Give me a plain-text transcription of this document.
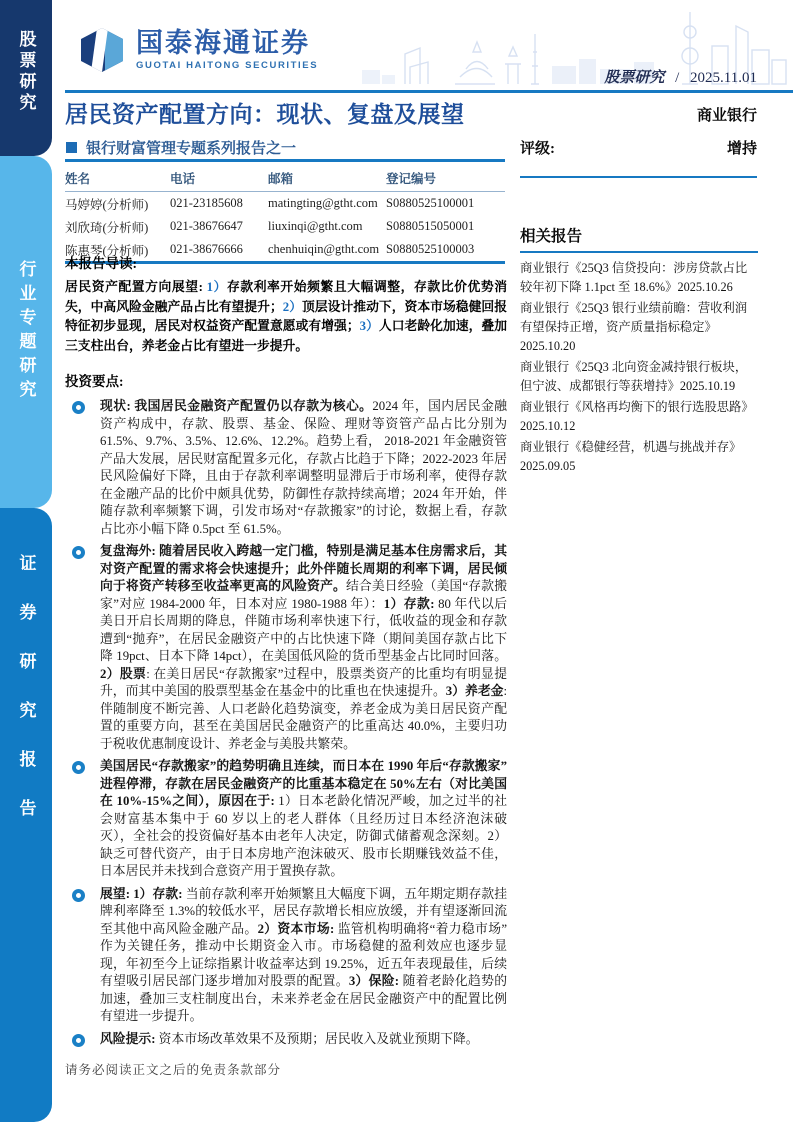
股票研究
行业专题研究
证券研究报告
国泰海通证券
GUOTAI HAITONG SECURITIES
股票研究 / 2025.11.01
居民资产配置方向：现状、复盘及展望	商业银行
银行财富管理专题系列报告之一	评级:	增持
姓名	电话	邮箱	登记编号
马婷婷(分析师)	021-23185608	matingting@gtht.com	S0880525100001
刘欣琦(分析师)	021-38676647	liuxinqi@gtht.com	S0880515050001
陈惠琴(分析师)	021-38676666	chenhuiqin@gtht.com	S0880525100003
相关报告
商业银行《25Q3 信贷投向：涉房贷款占比较年初下降 1.1pct 至 18.6%》2025.10.26
商业银行《25Q3 银行业绩前瞻：营收利润有望保持正增，资产质量指标稳定》2025.10.20
商业银行《25Q3 北向资金减持银行板块，但宁波、成都银行等获增持》2025.10.19
商业银行《风格再均衡下的银行选股思路》2025.10.12
商业银行《稳健经营，机遇与挑战并存》2025.09.05
本报告导读:

居民资产配置方向展望: 1）存款利率开始频繁且大幅调整，存款比价优势消失，中高风险金融产品占比有望提升；2）顶层设计推动下，资本市场稳健回报特征初步显现，居民对权益资产配置意愿或有增强；3）人口老龄化加速，叠加三支柱出台，养老金占比有望进一步提升。

投资要点:

现状: 我国居民金融资产配置仍以存款为核心。2024 年，国内居民金融资产构成中，存款、股票、基金、保险、理财等资管产品占比分别为 61.5%、9.7%、3.5%、12.6%、12.2%。趋势上看， 2018-2021 年金融资管产品大发展，居民财富配置多元化，存款占比趋于下降；2022-2023 年居民风险偏好下降，且由于存款利率调整明显滞后于市场利率，使得存款在金融产品的比价中颇具优势，防御性存款持续高增；2024 年开始，伴随存款利率频繁下调，引发市场对“存款搬家”的讨论，数据上看，存款占比亦小幅下降 0.5pct 至 61.5%。

复盘海外: 随着居民收入跨越一定门槛，特别是满足基本住房需求后，其对资产配置的需求将会快速提升；此外伴随长周期的利率下调，居民倾向于将资产转移至收益率更高的风险资产。结合美日经验（美国“存款搬家”对应 1984-2000 年，日本对应 1980-1988 年）：1）存款: 80 年代以后美日开启长周期的降息，伴随市场利率快速下行，低收益的现金和存款遭到“抛弃”，在居民金融资产中的占比快速下降（期间美国存款占比下降 19pct、日本下降 14pct），在美国低风险的货币型基金占比同时回落。2）股票: 在美日居民“存款搬家”过程中，股票类资产的比重均有明显提升，而其中美国的股票型基金在基金中的比重也在快速提升。3）养老金: 伴随制度不断完善、人口老龄化趋势演变，养老金成为美日居民资产配置的重要方向，甚至在美国居民金融资产的比重高达 40.0%，主要归功于税收优惠制度设计、养老金与美股共繁荣。

美国居民“存款搬家”的趋势明确且连续，而日本在 1990 年后“存款搬家”进程停滞，存款在居民金融资产的比重基本稳定在 50%左右（对比美国在 10%-15%之间），原因在于: 1）日本老龄化情况严峻，加之过半的社会财富基本集中于 60 岁以上的老人群体（且经历过日本经济泡沫破灭），全社会的投资偏好基本由老年人决定，防御式储蓄观念深刻。2）缺乏可替代资产，由于日本房地产泡沫破灭、股市长期赚钱效益不佳，日本居民并未找到合意资产用于置换存款。

展望: 1）存款: 当前存款利率开始频繁且大幅度下调，五年期定期存款挂牌利率降至 1.3%的较低水平，居民存款增长相应放缓，并有望逐渐回流至其他中高风险金融产品。2）资本市场: 监管机构明确将“着力稳市场”作为关键任务，推动中长期资金入市。市场稳健的盈利效应也逐步显现，年初至今上证综指累计收益率达到 19.25%，近五年表现最佳，后续有望吸引居民部门逐步增加对股票的配置。3）保险: 随着老龄化趋势的加速，叠加三支柱制度出台，未来养老金在居民金融资产中的配置比例有望进一步提升。

风险提示: 资本市场改革效果不及预期；居民收入及就业预期下降。

请务必阅读正文之后的免责条款部分
